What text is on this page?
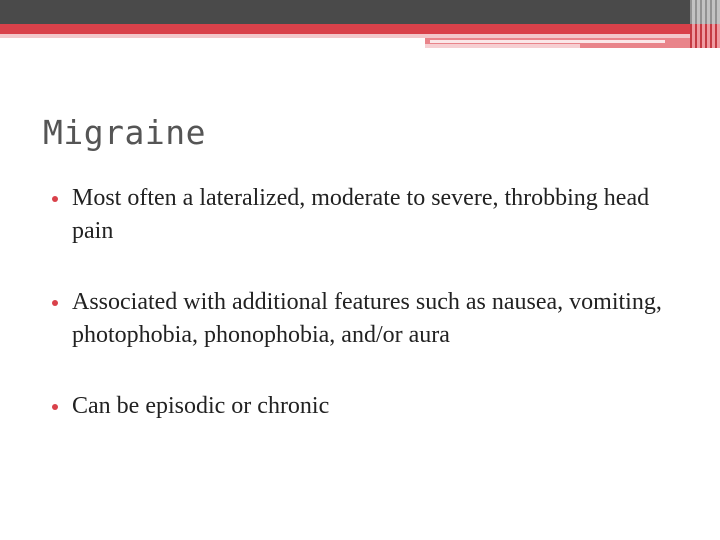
Migraine
Most often a lateralized, moderate to severe, throbbing head pain
Associated with additional features such as nausea, vomiting, photophobia, phonophobia, and/or aura
Can be episodic or chronic
